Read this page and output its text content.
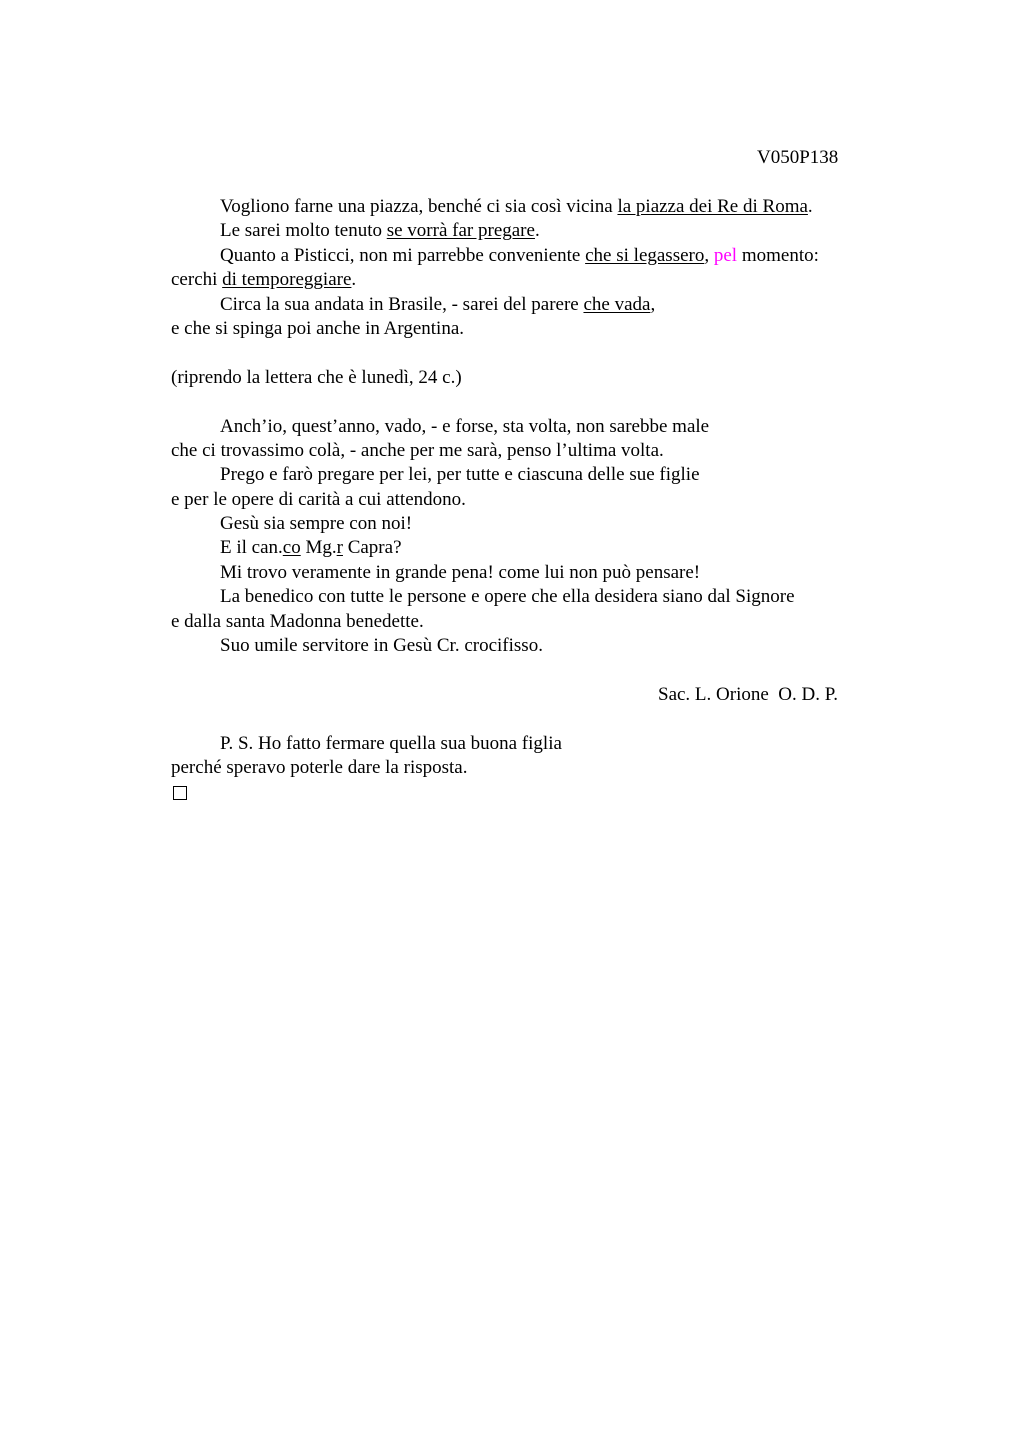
V050P138
Vogliono farne una piazza, benché ci sia così vicina la piazza dei Re di Roma.
Le sarei molto tenuto se vorrà far pregare.
Quanto a Pisticci, non mi parrebbe conveniente che si legassero, pel momento:
cerchi di temporeggiare.
Circa la sua andata in Brasile, - sarei del parere che vada,
e che si spinga poi anche in Argentina.
(riprendo la lettera che è lunedì, 24 c.)
Anch’io, quest’anno, vado, - e forse, sta volta, non sarebbe male
che ci trovassimo colà, - anche per me sarà, penso l’ultima volta.
Prego e farò pregare per lei, per tutte e ciascuna delle sue figlie
e per le opere di carità a cui attendono.
Gesù sia sempre con noi!
E il can.co Mg.r Capra?
Mi trovo veramente in grande pena! come lui non può pensare!
La benedico con tutte le persone e opere che ella desidera siano dal Signore
e dalla santa Madonna benedette.
Suo umile servitore in Gesù Cr. crocifisso.
Sac. L. Orione  O. D. P.
P. S. Ho fatto fermare quella sua buona figlia
perché speravo poterle dare la risposta.
